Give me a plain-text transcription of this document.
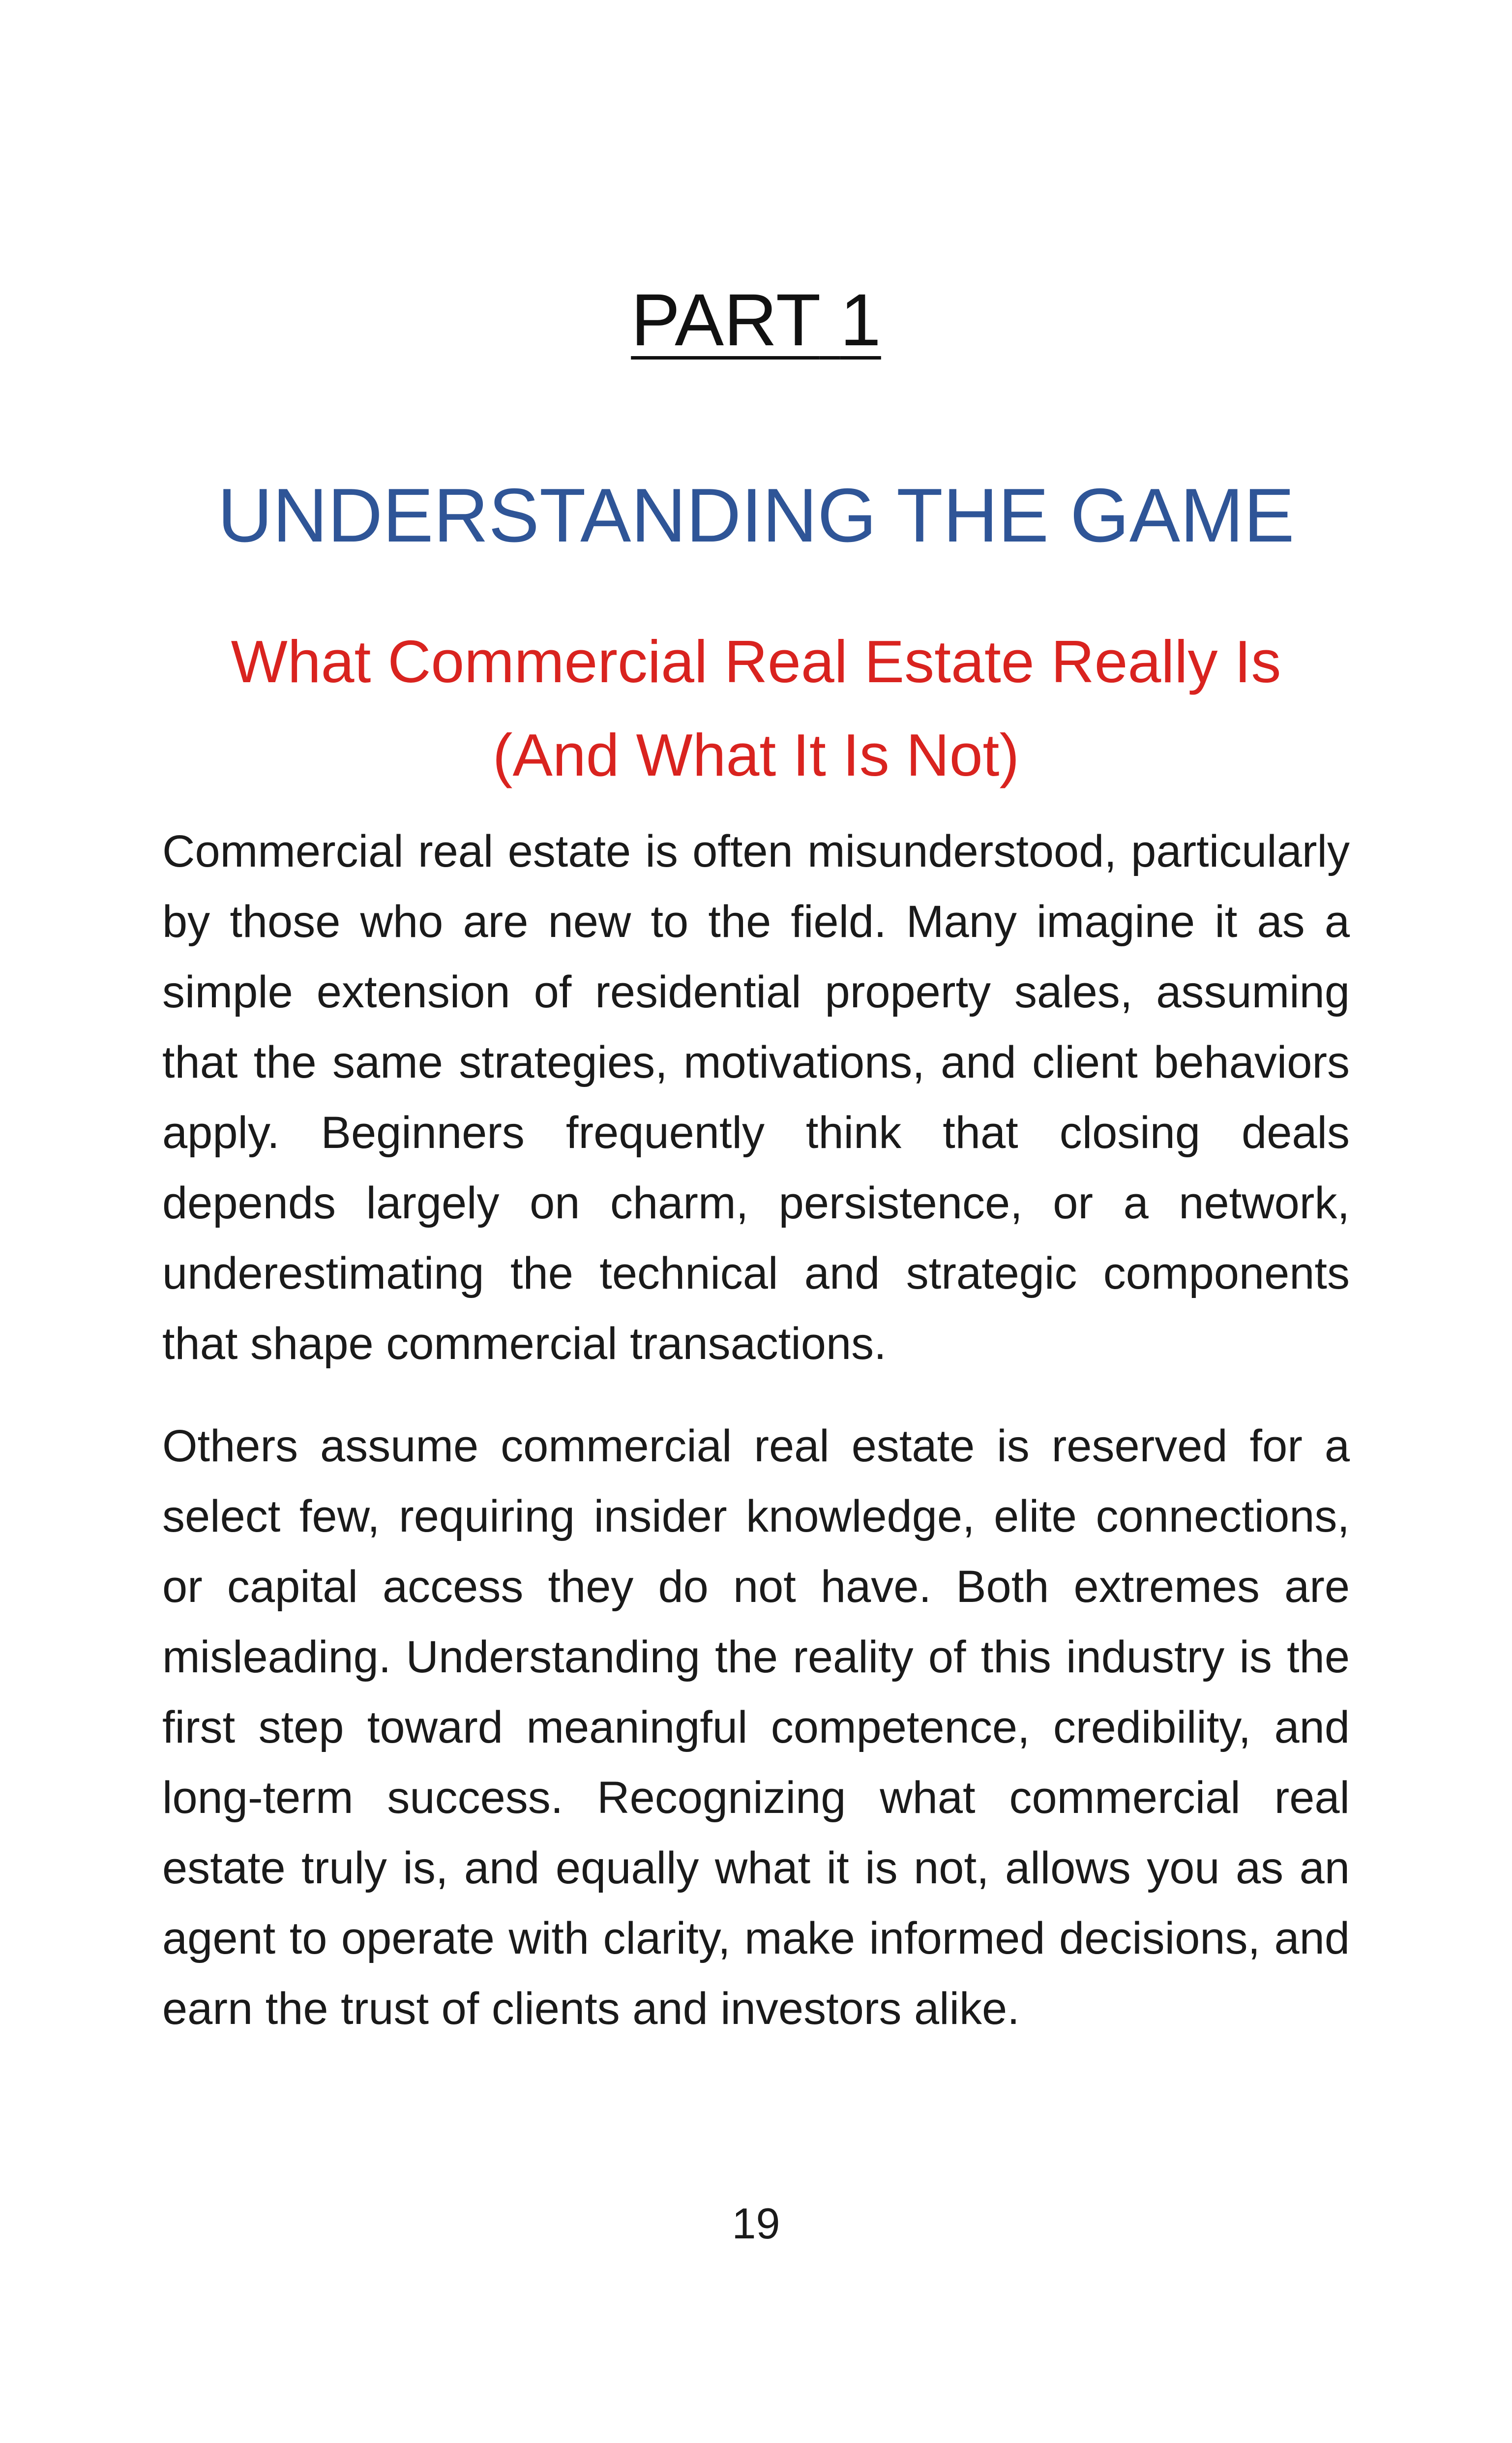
PART 1
UNDERSTANDING THE GAME
What Commercial Real Estate Really Is (And What It Is Not)

Commercial real estate is often misunderstood, particularly by those who are new to the field. Many imagine it as a simple extension of residential property sales, assuming that the same strategies, motivations, and client behaviors apply. Beginners frequently think that closing deals depends largely on charm, persistence, or a network, underestimating the technical and strategic components that shape commercial transactions.

Others assume commercial real estate is reserved for a select few, requiring insider knowledge, elite connections, or capital access they do not have. Both extremes are misleading. Understanding the reality of this industry is the first step toward meaningful competence, credibility, and long-term success. Recognizing what commercial real estate truly is, and equally what it is not, allows you as an agent to operate with clarity, make informed decisions, and earn the trust of clients and investors alike.

19
